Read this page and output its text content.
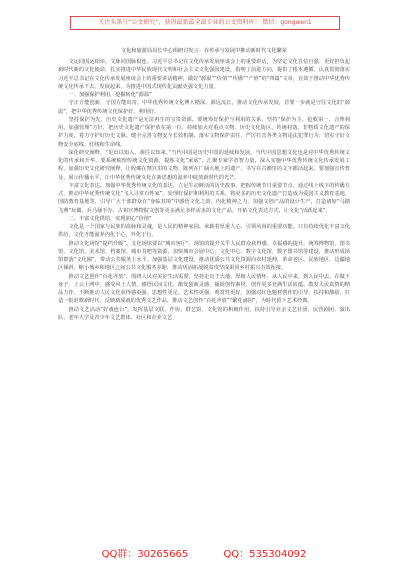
关注头条号“公文研究”，获得最新最全最专业的公文资料库！ 微信：gongwen1
文化和旅游局局长中心组研讨发言：在传承与发展中推动新时代文化繁荣

文运同国运相牵，文脉同国脉相连。习近平总书记在文化传承发展座谈会上的重要讲话，为坚定文化自信自强、更好担负起新时代新的文化使命，扎实推进中华民族现代文明和社会主义文化强国建设，指明了前进方向，提供了根本遵循。认真贯彻落实习近平总书记在文化传承发展座谈会上的重要讲话精神，做好“源温”“价值”“传播”“产值”的“四篇”文章，有效于推动中华优秀传统文化传承下去、发展起来，为推进中国式现代化贡献更强文化力量。

一、加强保护利用，挖掘转化“源温”

守正方能创新，守国方能出奇。中华优秀传统文化博大精深、源远流长，推动文化传承发展，首要一步就是守住文化的“源温”，把中华优秀传统文化保护好、利用好。

坚持保护为先。历史文化遗产是无法再生的宝贵资源，要统筹好保护与利用的关系，坚持“保护为主、抢救第一、合理利用、加强管理”方针，把历史文化遗产保护放在第一位，持续加大对重点文物、历史文化街区、传统村落、非物质文化遗产的保护力度，着力守护好历史文脉。健全完善文物安全长效机制，落实文物保护责任，严厉打击各类文物违法犯罪行为，切实守好文物安全底线、红线和生命线。

深化研究阐释。“见出以知入，观往以知来。”当代中国是历史中国的延续和发展，当代中国思想文化也是对中华优秀传统文化的传承和升华。要系统梳理传统文化资源，提炼文化“家底”，汇聚专家学者智力量，深入实施中华优秀传统文化传承发展工程，加强历史文化研究阐释，让收藏在禁宫里的文物、陈列在广阔大地上的遗产、书写在古籍里的文字都活起来，要加强宣传普及，展示传播水平，让中华优秀传统文化在新思想的滋养中绽放新时代的光芒。

丰富文化表达。加强中华优秀传统文化的表达，立足生动鲜活的历史故事，把握传统节日重要节点，通过线上线下的传播方式，推动中华优秀传统文化“飞入寻常百姓家”。处理好保护和利用的关系，将更多的历史文化遗产打造成为爱国主义教育基地、国防教育基地等，引导广大干部群众在“身临其境”中感悟文化之韵，内化精神之力。加强文创产品的设计生产，打造诸如“马踏飞燕”玩偶、兵马俑手办、古祖宫博物院文创等更多满足多样需求的文化产品，开拓文化表达方式，让文化“活跃起来”。

二、丰富文化供给，实现润心“价值”

文化是一个国家与民族的血脉和灵魂，是人民的精神家园。承载着厚重人心、引领风尚的重要功能。只有持续优化丰富文化供给，文化才能滋养内化于心、外化于行。

推动文化场馆“提档升级”。文化场馆要以“城市客厅”，场馆的提升关乎人民群众获得感、幸福感的提升。统筹博物馆、图书馆、文化馆、美术馆、档案馆、城市书吧等资源，加快城市会展中心、文化中心、数字文化馆、数字图书馆等建设，推动形成场馆群落“文化圈”，带动公共服务上水平。加强基层文化建设，推动优质公共文化资源向农村延伸，革命老区、民族地区、边疆地区倾斜，缩小城乡和地区之间公共文化服务差距，推动巩固拓展脱贫攻坚成果同乡村振兴有效衔接。

推动文艺创作“百花齐放”。围绕人民对美好生活需要，坚持走出于大地、厚植人民情怀、从人民中来，到人民中去，在做下身子、上云上网中，感受风土人情，感悟民间文化，激发创新灵感，捕捉创作素材，创作更多充满生活底蕴、散发人民真情的精品力作。不断推动人民文化获得感更强、思想性更足、艺术性更强、观赏性更好。加强对红色题材创作的引导、扶持和激励，打造一批讴歌新时代、反映新成就的优秀文艺作品，推动文艺创作“百花齐放”“繁花满园”，为时代留下艺术经典。

推动文艺活动“好戏连台”。发挥基层文联、作协、群艺馆、文化馆的积极作用，扶持引导业余文艺社团、民营剧团、演出队、老年大学及青少年文艺群体、社区和企业文艺

QQ群：30265665	QQ：535304092
